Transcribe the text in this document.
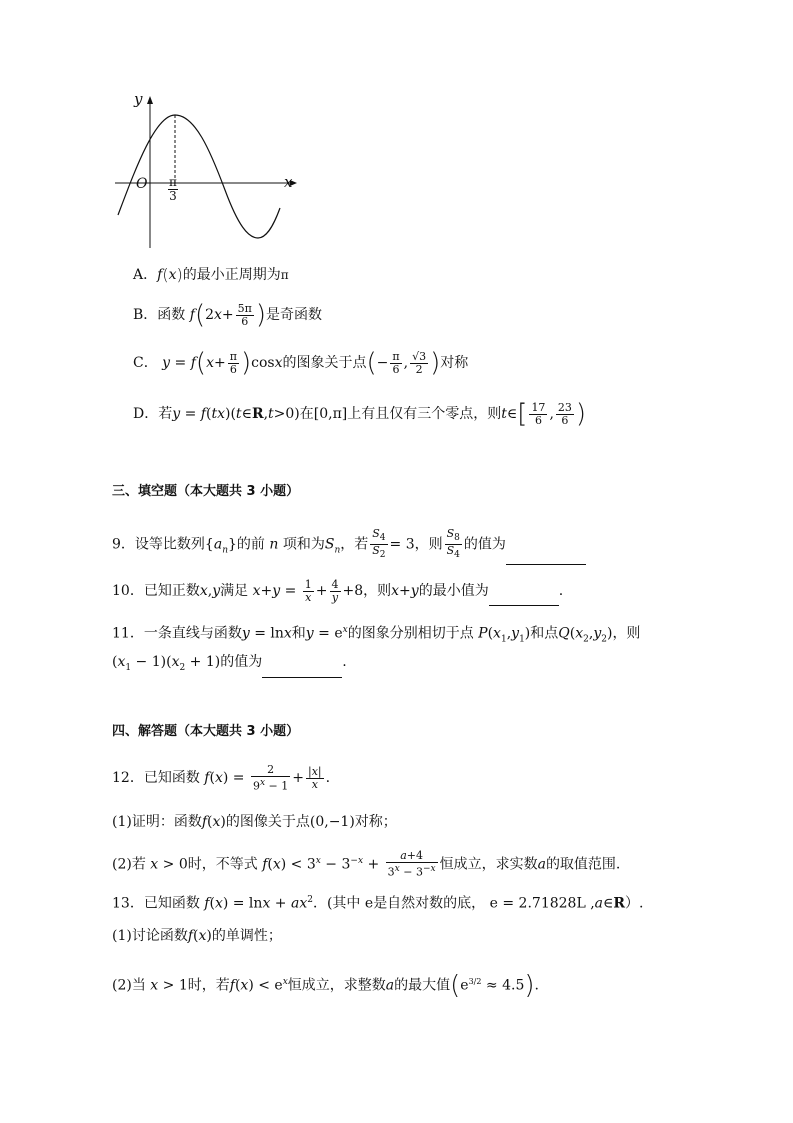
y
x
O $\frac{\pi}{3}$
A．f(x)的最小正周期为π
B．函数 $f(2x+ \frac{5\pi}{6}$ )是奇函数
C． $y = f(x+ \frac{\pi}{6} )\cos x$的图象关于点(− $\frac{\pi}{6}$ , $\frac{√3}{2}$ )对称
D．若y = f(tx)(t∈R,t>0)在[0,π]上有且仅有三个零点，则t∈[ $\frac{17}{6}$ , $\frac{23}{6}$ )
三、填空题（本大题共 3 小题）
9．设等比数列$\{a_n\}$的前 n 项和为$S_n$，若 $\frac{S_4}{S_2} = 3$，则 $\frac{S_8}{S_4}$ 的值为
10．已知正数x,y满足 $x+y = \frac{1}{x} + \frac{4}{y} +8$，则x+y的最小值为	.
11．一条直线与函数y = lnx和$y = e^x$的图象分别相切于点 $P(x_1,y_1)$和点$Q(x_2,y_2)$，则
$(x_1 - 1)(x_2 + 1)$的值为	.
四、解答题（本大题共 3 小题）
12．已知函数 $f(x) = \frac{2}{9^x - 1} + \frac{|x|}{x}$ .
(1)证明：函数f(x)的图像关于点(0,−1)对称；
(2)若 x > 0时，不等式 $f(x) < 3^x - 3^{-x} + \frac{a+4}{3^x - 3^{-x}}$ 恒成立，求实数a的取值范围.
13．已知函数 $f(x) = \ln x + ax^2$．(其中 e是自然对数的底， e = 2.71828L ,a∈R）.
(1)讨论函数f(x)的单调性；
(2)当 x > 1时，若$f(x) < e^x$恒成立，求整数a的最大值$(e^{3/2} \approx 4.5)$.
